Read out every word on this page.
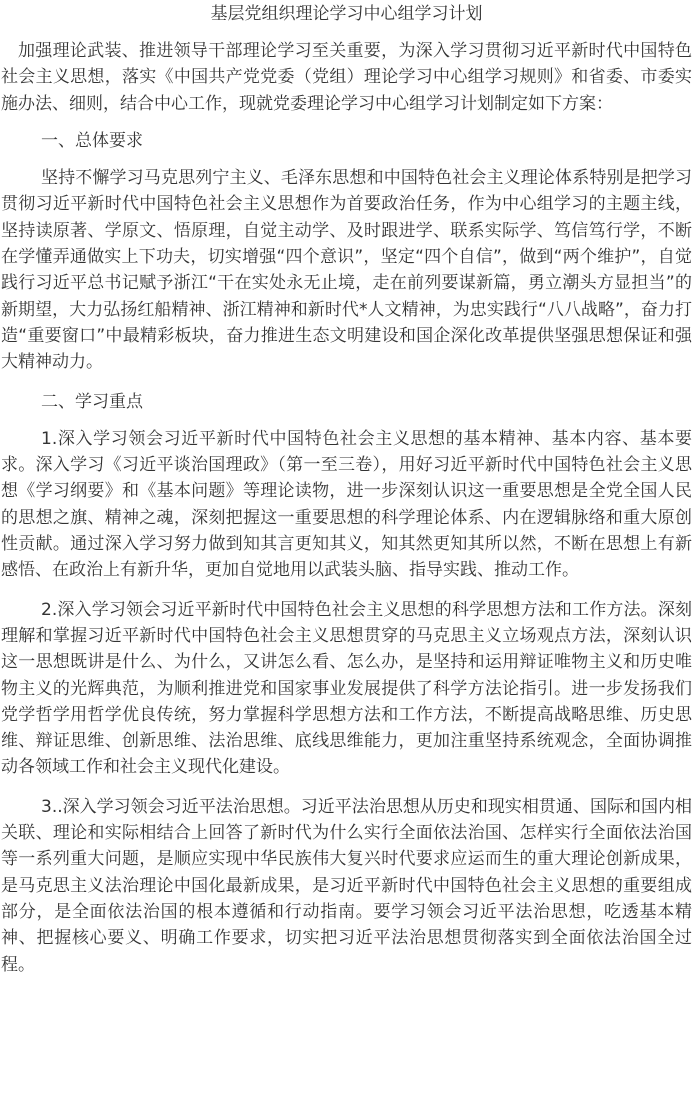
基层党组织理论学习中心组学习计划

加强理论武装、推进领导干部理论学习至关重要，为深入学习贯彻习近平新时代中国特色社会主义思想，落实《中国共产党党委（党组）理论学习中心组学习规则》和省委、市委实施办法、细则，结合中心工作，现就党委理论学习中心组学习计划制定如下方案：

一、总体要求

坚持不懈学习马克思列宁主义、毛泽东思想和中国特色社会主义理论体系特别是把学习贯彻习近平新时代中国特色社会主义思想作为首要政治任务，作为中心组学习的主题主线，坚持读原著、学原文、悟原理，自觉主动学、及时跟进学、联系实际学、笃信笃行学，不断在学懂弄通做实上下功夫，切实增强“四个意识”，坚定“四个自信”，做到“两个维护”，自觉践行习近平总书记赋予浙江“干在实处永无止境，走在前列要谋新篇，勇立潮头方显担当”的新期望，大力弘扬红船精神、浙江精神和新时代*人文精神，为忠实践行“八八战略”，奋力打造“重要窗口”中最精彩板块，奋力推进生态文明建设和国企深化改革提供坚强思想保证和强大精神动力。

二、学习重点

1.深入学习领会习近平新时代中国特色社会主义思想的基本精神、基本内容、基本要求。深入学习《习近平谈治国理政》（第一至三卷），用好习近平新时代中国特色社会主义思想《学习纲要》和《基本问题》等理论读物，进一步深刻认识这一重要思想是全党全国人民的思想之旗、精神之魂，深刻把握这一重要思想的科学理论体系、内在逻辑脉络和重大原创性贡献。通过深入学习努力做到知其言更知其义，知其然更知其所以然，不断在思想上有新感悟、在政治上有新升华，更加自觉地用以武装头脑、指导实践、推动工作。

2.深入学习领会习近平新时代中国特色社会主义思想的科学思想方法和工作方法。深刻理解和掌握习近平新时代中国特色社会主义思想贯穿的马克思主义立场观点方法，深刻认识这一思想既讲是什么、为什么，又讲怎么看、怎么办，是坚持和运用辩证唯物主义和历史唯物主义的光辉典范，为顺利推进党和国家事业发展提供了科学方法论指引。进一步发扬我们党学哲学用哲学优良传统，努力掌握科学思想方法和工作方法，不断提高战略思维、历史思维、辩证思维、创新思维、法治思维、底线思维能力，更加注重坚持系统观念，全面协调推动各领域工作和社会主义现代化建设。

3..深入学习领会习近平法治思想。习近平法治思想从历史和现实相贯通、国际和国内相关联、理论和实际相结合上回答了新时代为什么实行全面依法治国、怎样实行全面依法治国等一系列重大问题，是顺应实现中华民族伟大复兴时代要求应运而生的重大理论创新成果，是马克思主义法治理论中国化最新成果，是习近平新时代中国特色社会主义思想的重要组成部分，是全面依法治国的根本遵循和行动指南。要学习领会习近平法治思想，吃透基本精神、把握核心要义、明确工作要求，切实把习近平法治思想贯彻落实到全面依法治国全过程。
